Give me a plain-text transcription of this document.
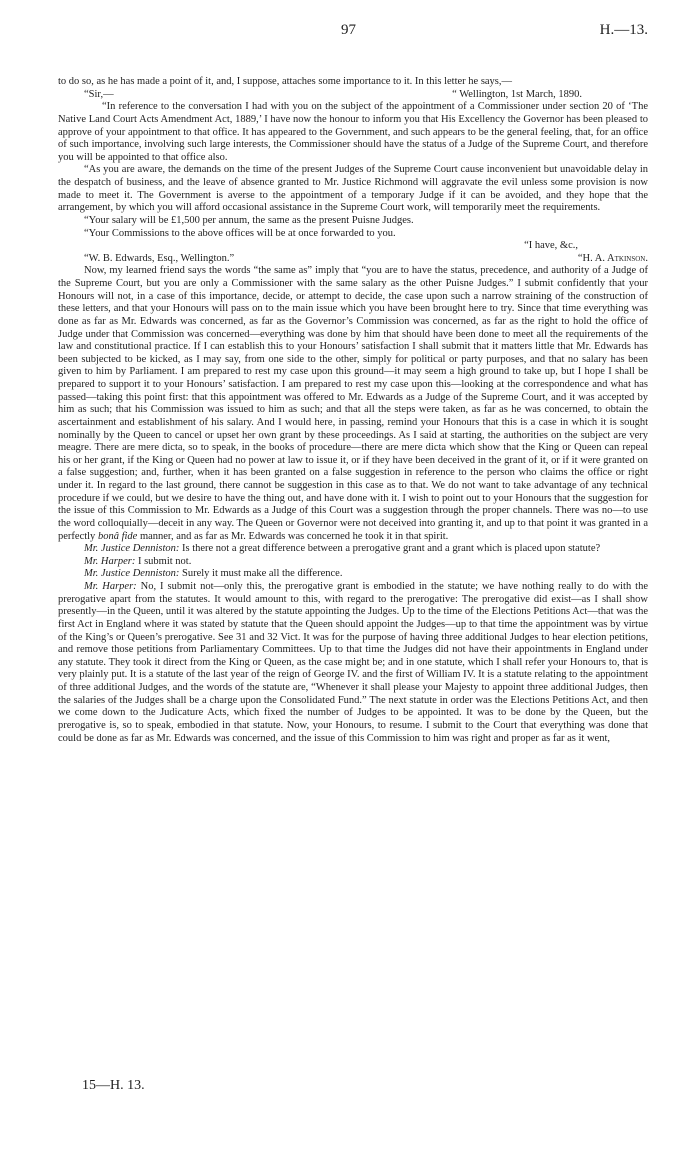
97	H.—13.

to do so, as he has made a point of it, and, I suppose, attaches some importance to it. In this letter he says,—

“Sir,—	“ Wellington, 1st March, 1890.

“In reference to the conversation I had with you on the subject of the appointment of a Commissioner under section 20 of ‘The Native Land Court Acts Amendment Act, 1889,’ I have now the honour to inform you that His Excellency the Governor has been pleased to approve of your appointment to that office. It has appeared to the Government, and such appears to be the general feeling, that, for an office of such importance, involving such large interests, the Commissioner should have the status of a Judge of the Supreme Court, and therefore you will be appointed to that office also.

“As you are aware, the demands on the time of the present Judges of the Supreme Court cause inconvenient but unavoidable delay in the despatch of business, and the leave of absence granted to Mr. Justice Richmond will aggravate the evil unless some provision is now made to meet it. The Government is averse to the appointment of a temporary Judge if it can be avoided, and they hope that the arrangement, by which you will afford occasional assistance in the Supreme Court work, will temporarily meet the requirements.

“Your salary will be £1,500 per annum, the same as the present Puisne Judges.

“Your Commissions to the above offices will be at once forwarded to you.

“I have, &c.,

“W. B. Edwards, Esq., Wellington.”	“H. A. Atkinson.

Now, my learned friend says the words “the same as” imply that “you are to have the status, precedence, and authority of a Judge of the Supreme Court, but you are only a Commissioner with the same salary as the other Puisne Judges.” I submit confidently that your Honours will not, in a case of this importance, decide, or attempt to decide, the case upon such a narrow straining of the construction of these letters, and that your Honours will pass on to the main issue which you have been brought here to try. Since that time everything was done as far as Mr. Edwards was concerned, as far as the Governor’s Commission was concerned, as far as the right to hold the office of Judge under that Commission was concerned—everything was done by him that should have been done to meet all the requirements of the law and constitutional practice. If I can establish this to your Honours’ satisfaction I shall submit that it matters little that Mr. Edwards has been subjected to be kicked, as I may say, from one side to the other, simply for political or party purposes, and that no salary has been given to him by Parliament. I am prepared to rest my case upon this ground—it may seem a high ground to take up, but I hope I shall be prepared to support it to your Honours’ satisfaction. I am prepared to rest my case upon this—looking at the correspondence and what has passed—taking this point first: that this appointment was offered to Mr. Edwards as a Judge of the Supreme Court, and it was accepted by him as such; that his Commission was issued to him as such; and that all the steps were taken, as far as he was concerned, to obtain the ascertainment and establishment of his salary. And I would here, in passing, remind your Honours that this is a case in which it is sought nominally by the Queen to cancel or upset her own grant by these proceedings. As I said at starting, the authorities on the subject are very meagre. There are mere dicta, so to speak, in the books of procedure—there are mere dicta which show that the King or Queen can repeal his or her grant, if the King or Queen had no power at law to issue it, or if they have been deceived in the grant of it, or if it were granted on a false suggestion; and, further, when it has been granted on a false suggestion in reference to the person who claims the office or right under it. In regard to the last ground, there cannot be suggestion in this case as to that. We do not want to take advantage of any technical procedure if we could, but we desire to have the thing out, and have done with it. I wish to point out to your Honours that the suggestion for the issue of this Commission to Mr. Edwards as a Judge of this Court was a suggestion through the proper channels. There was no—to use the word colloquially—deceit in any way. The Queen or Governor were not deceived into granting it, and up to that point it was granted in a perfectly bonâ fide manner, and as far as Mr. Edwards was concerned he took it in that spirit.

Mr. Justice Denniston: Is there not a great difference between a prerogative grant and a grant which is placed upon statute?

Mr. Harper: I submit not.

Mr. Justice Denniston: Surely it must make all the difference.

Mr. Harper: No, I submit not—only this, the prerogative grant is embodied in the statute; we have nothing really to do with the prerogative apart from the statutes. It would amount to this, with regard to the prerogative: The prerogative did exist—as I shall show presently—in the Queen, until it was altered by the statute appointing the Judges. Up to the time of the Elections Petitions Act—that was the first Act in England where it was stated by statute that the Queen should appoint the Judges—up to that time the appointment was by virtue of the King’s or Queen’s prerogative. See 31 and 32 Vict. It was for the purpose of having three additional Judges to hear election petitions, and remove those petitions from Parliamentary Committees. Up to that time the Judges did not have their appointments in England under any statute. They took it direct from the King or Queen, as the case might be; and in one statute, which I shall refer your Honours to, that is very plainly put. It is a statute of the last year of the reign of George IV. and the first of William IV. It is a statute relating to the appointment of three additional Judges, and the words of the statute are, “Whenever it shall please your Majesty to appoint three additional Judges, then the salaries of the Judges shall be a charge upon the Consolidated Fund.” The next statute in order was the Elections Petitions Act, and then we come down to the Judicature Acts, which fixed the number of Judges to be appointed. It was to be done by the Queen, but the prerogative is, so to speak, embodied in that statute. Now, your Honours, to resume. I submit to the Court that everything was done that could be done as far as Mr. Edwards was concerned, and the issue of this Commission to him was right and proper as far as it went,

15—H. 13.
